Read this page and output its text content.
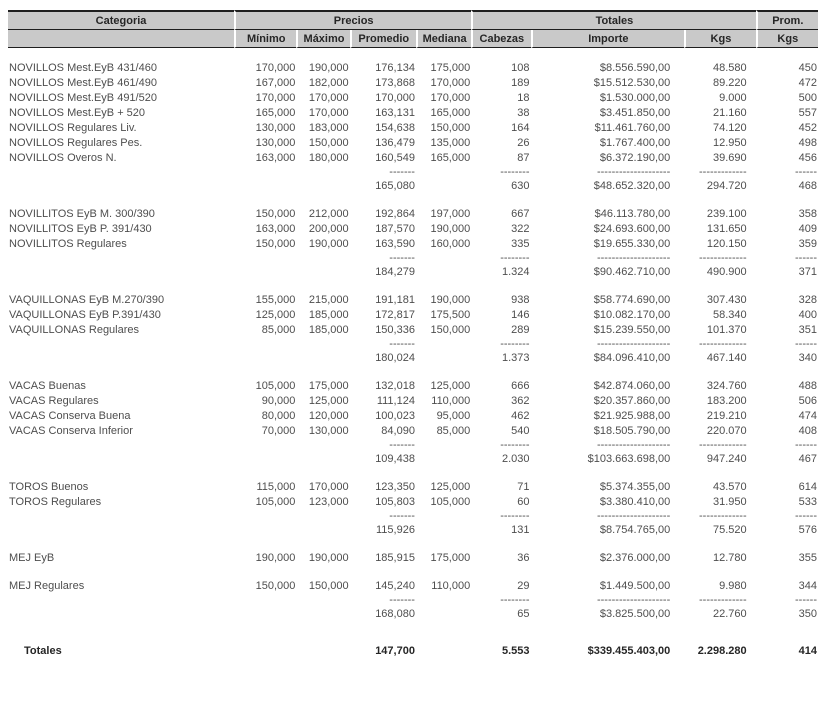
Categoria	Precios				Totales			Prom.
	Mínimo	Máximo	Promedio	Mediana	Cabezas	Importe	Kgs	Kgs

NOVILLOS Mest.EyB 431/460	170,000	190,000	176,134	175,000	108	$8.556.590,00	48.580	450
NOVILLOS Mest.EyB 461/490	167,000	182,000	173,868	170,000	189	$15.512.530,00	89.220	472
NOVILLOS Mest.EyB 491/520	170,000	170,000	170,000	170,000	18	$1.530.000,00	9.000	500
NOVILLOS Mest.EyB + 520	165,000	170,000	163,131	165,000	38	$3.451.850,00	21.160	557
NOVILLOS Regulares Liv.	130,000	183,000	154,638	150,000	164	$11.461.760,00	74.120	452
NOVILLOS Regulares Pes.	130,000	150,000	136,479	135,000	26	$1.767.400,00	12.950	498
NOVILLOS Overos N.	163,000	180,000	160,549	165,000	87	$6.372.190,00	39.690	456
			-------		--------	--------------------	-------------	------
			165,080		630	$48.652.320,00	294.720	468

NOVILLITOS EyB M. 300/390	150,000	212,000	192,864	197,000	667	$46.113.780,00	239.100	358
NOVILLITOS EyB P. 391/430	163,000	200,000	187,570	190,000	322	$24.693.600,00	131.650	409
NOVILLITOS Regulares	150,000	190,000	163,590	160,000	335	$19.655.330,00	120.150	359
			-------		--------	--------------------	-------------	------
			184,279		1.324	$90.462.710,00	490.900	371

VAQUILLONAS EyB M.270/390	155,000	215,000	191,181	190,000	938	$58.774.690,00	307.430	328
VAQUILLONAS EyB P.391/430	125,000	185,000	172,817	175,500	146	$10.082.170,00	58.340	400
VAQUILLONAS Regulares	85,000	185,000	150,336	150,000	289	$15.239.550,00	101.370	351
			-------		--------	--------------------	-------------	------
			180,024		1.373	$84.096.410,00	467.140	340

VACAS Buenas	105,000	175,000	132,018	125,000	666	$42.874.060,00	324.760	488
VACAS Regulares	90,000	125,000	111,124	110,000	362	$20.357.860,00	183.200	506
VACAS Conserva Buena	80,000	120,000	100,023	95,000	462	$21.925.988,00	219.210	474
VACAS Conserva Inferior	70,000	130,000	84,090	85,000	540	$18.505.790,00	220.070	408
			-------		--------	--------------------	-------------	------
			109,438		2.030	$103.663.698,00	947.240	467

TOROS Buenos	115,000	170,000	123,350	125,000	71	$5.374.355,00	43.570	614
TOROS Regulares	105,000	123,000	105,803	105,000	60	$3.380.410,00	31.950	533
			-------		--------	--------------------	-------------	------
			115,926		131	$8.754.765,00	75.520	576

MEJ EyB	190,000	190,000	185,915	175,000	36	$2.376.000,00	12.780	355

MEJ Regulares	150,000	150,000	145,240	110,000	29	$1.449.500,00	9.980	344
			-------		--------	--------------------	-------------	------
			168,080		65	$3.825.500,00	22.760	350

Totales			147,700		5.553	$339.455.403,00	2.298.280	414
